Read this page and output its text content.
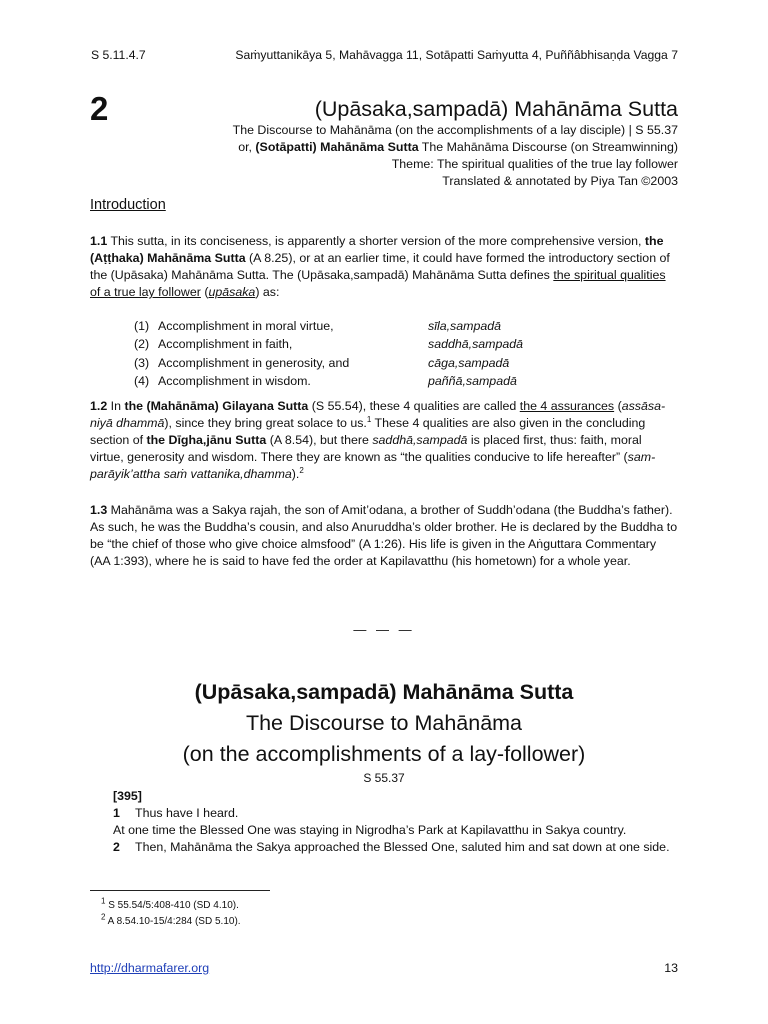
S 5.11.4.7	Saṁyuttanikāya 5, Mahāvagga 11, Sotāpatti Saṁyutta 4, Puññâbhisaṇḍa Vagga 7
2	(Upāsaka,sampadā) Mahānāma Sutta
The Discourse to Mahānāma (on the accomplishments of a lay disciple) | S 55.37
or, (Sotāpatti) Mahānāma Sutta The Mahānāma Discourse (on Streamwinning)
Theme: The spiritual qualities of the true lay follower
Translated & annotated by Piya Tan ©2003
Introduction
1.1 This sutta, in its conciseness, is apparently a shorter version of the more comprehensive version, the (Aṭṭhaka) Mahānāma Sutta (A 8.25), or at an earlier time, it could have formed the introductory section of the (Upāsaka) Mahānāma Sutta. The (Upāsaka,sampadā) Mahānāma Sutta defines the spiritual qualities of a true lay follower (upāsaka) as:
(1) Accomplishment in moral virtue,	sīla,sampadā
(2) Accomplishment in faith,	saddhā,sampadā
(3) Accomplishment in generosity, and	cāga,sampadā
(4) Accomplishment in wisdom.	paññā,sampadā
1.2 In the (Mahānāma) Gilayana Sutta (S 55.54), these 4 qualities are called the 4 assurances (assāsa-niyā dhammā), since they bring great solace to us.$^1$ These 4 qualities are also given in the concluding section of the Dīgha,jānu Sutta (A 8.54), but there saddhā,sampadā is placed first, thus: faith, moral virtue, generosity and wisdom. There they are known as “the qualities conducive to life hereafter” (sam-parāyik’attha saṁ vattanika,dhamma).$^2$
1.3 Mahānāma was a Sakya rajah, the son of Amit’odana, a brother of Suddh’odana (the Buddha’s father). As such, he was the Buddha’s cousin, and also Anuruddha’s older brother. He is declared by the Buddha to be “the chief of those who give choice almsfood” (A 1:26). His life is given in the Aṅguttara Commentary (AA 1:393), where he is said to have fed the order at Kapilavatthu (his hometown) for a whole year.
— — —
(Upāsaka,sampadā) Mahānāma Sutta
The Discourse to Mahānāma
(on the accomplishments of a lay-follower)
S 55.37
[395]
1 Thus have I heard.
At one time the Blessed One was staying in Nigrodha’s Park at Kapilavatthu in Sakya country.
2 Then, Mahānāma the Sakya approached the Blessed One, saluted him and sat down at one side.
$^1$ S 55.54/5:408-410 (SD 4.10).
$^2$ A 8.54.10-15/4:284 (SD 5.10).
http://dharmafarer.org	13
